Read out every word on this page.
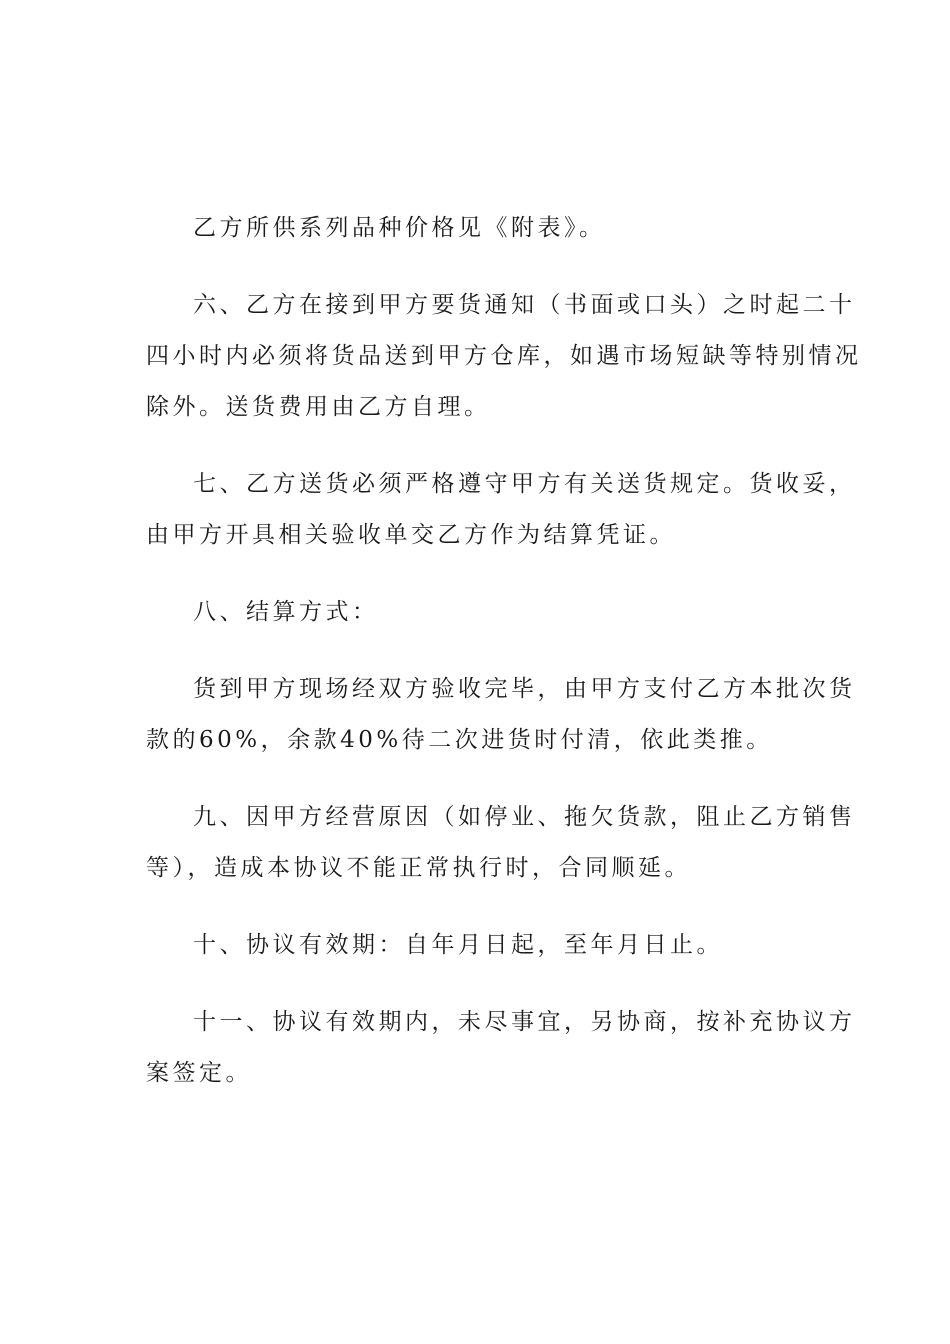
乙方所供系列品种价格见《附表》。

六、乙方在接到甲方要货通知（书面或口头）之时起二十
四小时内必须将货品送到甲方仓库，如遇市场短缺等特别情况
除外。送货费用由乙方自理。

七、乙方送货必须严格遵守甲方有关送货规定。货收妥，
由甲方开具相关验收单交乙方作为结算凭证。

八、结算方式：

货到甲方现场经双方验收完毕，由甲方支付乙方本批次货
款的60%，余款40%待二次进货时付清，依此类推。

九、因甲方经营原因（如停业、拖欠货款，阻止乙方销售
等），造成本协议不能正常执行时，合同顺延。

十、协议有效期：自年月日起，至年月日止。

十一、协议有效期内，未尽事宜，另协商，按补充协议方
案签定。
